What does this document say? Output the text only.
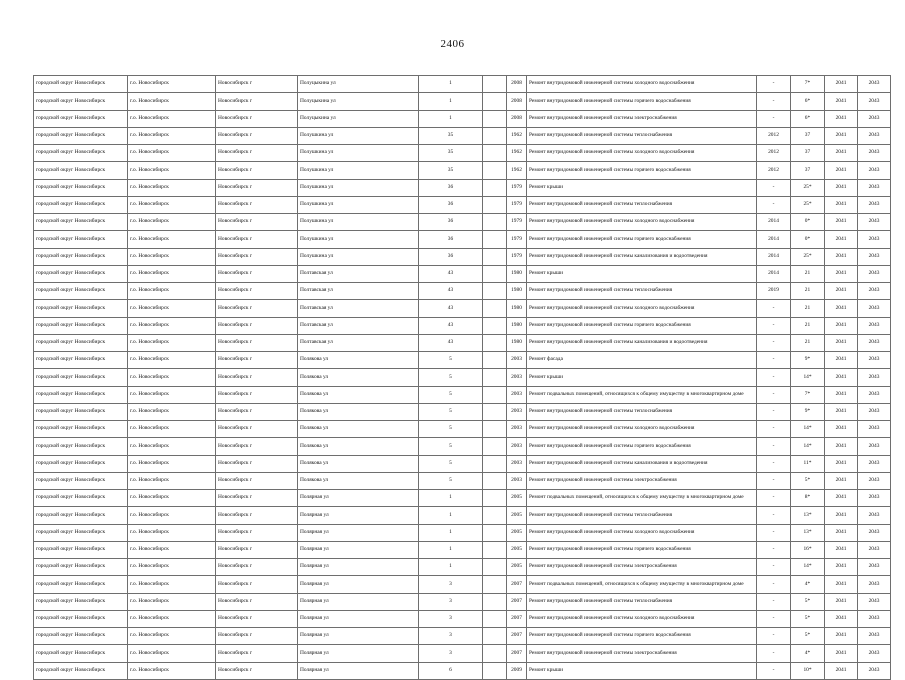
2406
городской округ Новосибирск	г.о. Новосибирск	Новосибирск г	Полуцыкина ул	1		2008	Ремонт внутридомовой инженерной системы холодного водоснабжения	-	7*	2041	2043
городской округ Новосибирск	г.о. Новосибирск	Новосибирск г	Полуцыкина ул	1		2008	Ремонт внутридомовой инженерной системы горячего водоснабжения	-	6*	2041	2043
городской округ Новосибирск	г.о. Новосибирск	Новосибирск г	Полуцыкина ул	1		2008	Ремонт внутридомовой инженерной системы электроснабжения	-	6*	2041	2043
городской округ Новосибирск	г.о. Новосибирск	Новосибирск г	Полушкина ул	35		1962	Ремонт внутридомовой инженерной системы теплоснабжения	2012	37	2041	2043
городской округ Новосибирск	г.о. Новосибирск	Новосибирск г	Полушкина ул	35		1962	Ремонт внутридомовой инженерной системы холодного водоснабжения	2012	37	2041	2043
городской округ Новосибирск	г.о. Новосибирск	Новосибирск г	Полушкина ул	35		1962	Ремонт внутридомовой инженерной системы горячего водоснабжения	2012	37	2041	2043
городской округ Новосибирск	г.о. Новосибирск	Новосибирск г	Полушкина ул	36		1979	Ремонт крыши	-	25*	2041	2043
городской округ Новосибирск	г.о. Новосибирск	Новосибирск г	Полушкина ул	36		1979	Ремонт внутридомовой инженерной системы теплоснабжения	-	25*	2041	2043
городской округ Новосибирск	г.о. Новосибирск	Новосибирск г	Полушкина ул	36		1979	Ремонт внутридомовой инженерной системы холодного водоснабжения	2014	0*	2041	2043
городской округ Новосибирск	г.о. Новосибирск	Новосибирск г	Полушкина ул	36		1979	Ремонт внутридомовой инженерной системы горячего водоснабжения	2014	0*	2041	2043
городской округ Новосибирск	г.о. Новосибирск	Новосибирск г	Полушкина ул	36		1979	Ремонт внутридомовой инженерной системы канализования и водоотведения	2014	25*	2041	2043
городской округ Новосибирск	г.о. Новосибирск	Новосибирск г	Полтавская ул	43		1980	Ремонт крыши	2014	21	2041	2043
городской округ Новосибирск	г.о. Новосибирск	Новосибирск г	Полтавская ул	43		1980	Ремонт внутридомовой инженерной системы теплоснабжения	2019	21	2041	2043
городской округ Новосибирск	г.о. Новосибирск	Новосибирск г	Полтавская ул	43		1980	Ремонт внутридомовой инженерной системы холодного водоснабжения	-	21	2041	2043
городской округ Новосибирск	г.о. Новосибирск	Новосибирск г	Полтавская ул	43		1980	Ремонт внутридомовой инженерной системы горячего водоснабжения	-	21	2041	2043
городской округ Новосибирск	г.о. Новосибирск	Новосибирск г	Полтавская ул	43		1980	Ремонт внутридомовой инженерной системы канализования и водоотведения	-	21	2041	2043
городской округ Новосибирск	г.о. Новосибирск	Новосибирск г	Полякова ул	5		2003	Ремонт фасада	-	9*	2041	2043
городской округ Новосибирск	г.о. Новосибирск	Новосибирск г	Полякова ул	5		2003	Ремонт крыши	-	14*	2041	2043
городской округ Новосибирск	г.о. Новосибирск	Новосибирск г	Полякова ул	5		2003	Ремонт подвальных помещений, относящихся к общему имуществу в многоквартирном доме	-	7*	2041	2043
городской округ Новосибирск	г.о. Новосибирск	Новосибирск г	Полякова ул	5		2003	Ремонт внутридомовой инженерной системы теплоснабжения	-	9*	2041	2043
городской округ Новосибирск	г.о. Новосибирск	Новосибирск г	Полякова ул	5		2003	Ремонт внутридомовой инженерной системы холодного водоснабжения	-	14*	2041	2043
городской округ Новосибирск	г.о. Новосибирск	Новосибирск г	Полякова ул	5		2003	Ремонт внутридомовой инженерной системы горячего водоснабжения	-	14*	2041	2043
городской округ Новосибирск	г.о. Новосибирск	Новосибирск г	Полякова ул	5		2003	Ремонт внутридомовой инженерной системы канализования и водоотведения	-	11*	2041	2043
городской округ Новосибирск	г.о. Новосибирск	Новосибирск г	Полякова ул	5		2003	Ремонт внутридомовой инженерной системы электроснабжения	-	5*	2041	2043
городской округ Новосибирск	г.о. Новосибирск	Новосибирск г	Полярная ул	1		2005	Ремонт подвальных помещений, относящихся к общему имуществу в многоквартирном доме	-	8*	2041	2043
городской округ Новосибирск	г.о. Новосибирск	Новосибирск г	Полярная ул	1		2005	Ремонт внутридомовой инженерной системы теплоснабжения	-	13*	2041	2043
городской округ Новосибирск	г.о. Новосибирск	Новосибирск г	Полярная ул	1		2005	Ремонт внутридомовой инженерной системы холодного водоснабжения	-	13*	2041	2043
городской округ Новосибирск	г.о. Новосибирск	Новосибирск г	Полярная ул	1		2005	Ремонт внутридомовой инженерной системы горячего водоснабжения	-	16*	2041	2043
городской округ Новосибирск	г.о. Новосибирск	Новосибирск г	Полярная ул	1		2005	Ремонт внутридомовой инженерной системы электроснабжения	-	14*	2041	2043
городской округ Новосибирск	г.о. Новосибирск	Новосибирск г	Полярная ул	3		2007	Ремонт подвальных помещений, относящихся к общему имуществу в многоквартирном доме	-	4*	2041	2043
городской округ Новосибирск	г.о. Новосибирск	Новосибирск г	Полярная ул	3		2007	Ремонт внутридомовой инженерной системы теплоснабжения	-	5*	2041	2043
городской округ Новосибирск	г.о. Новосибирск	Новосибирск г	Полярная ул	3		2007	Ремонт внутридомовой инженерной системы холодного водоснабжения	-	5*	2041	2043
городской округ Новосибирск	г.о. Новосибирск	Новосибирск г	Полярная ул	3		2007	Ремонт внутридомовой инженерной системы горячего водоснабжения	-	5*	2041	2043
городской округ Новосибирск	г.о. Новосибирск	Новосибирск г	Полярная ул	3		2007	Ремонт внутридомовой инженерной системы электроснабжения	-	4*	2041	2043
городской округ Новосибирск	г.о. Новосибирск	Новосибирск г	Полярная ул	6		2009	Ремонт крыши	-	10*	2041	2043
